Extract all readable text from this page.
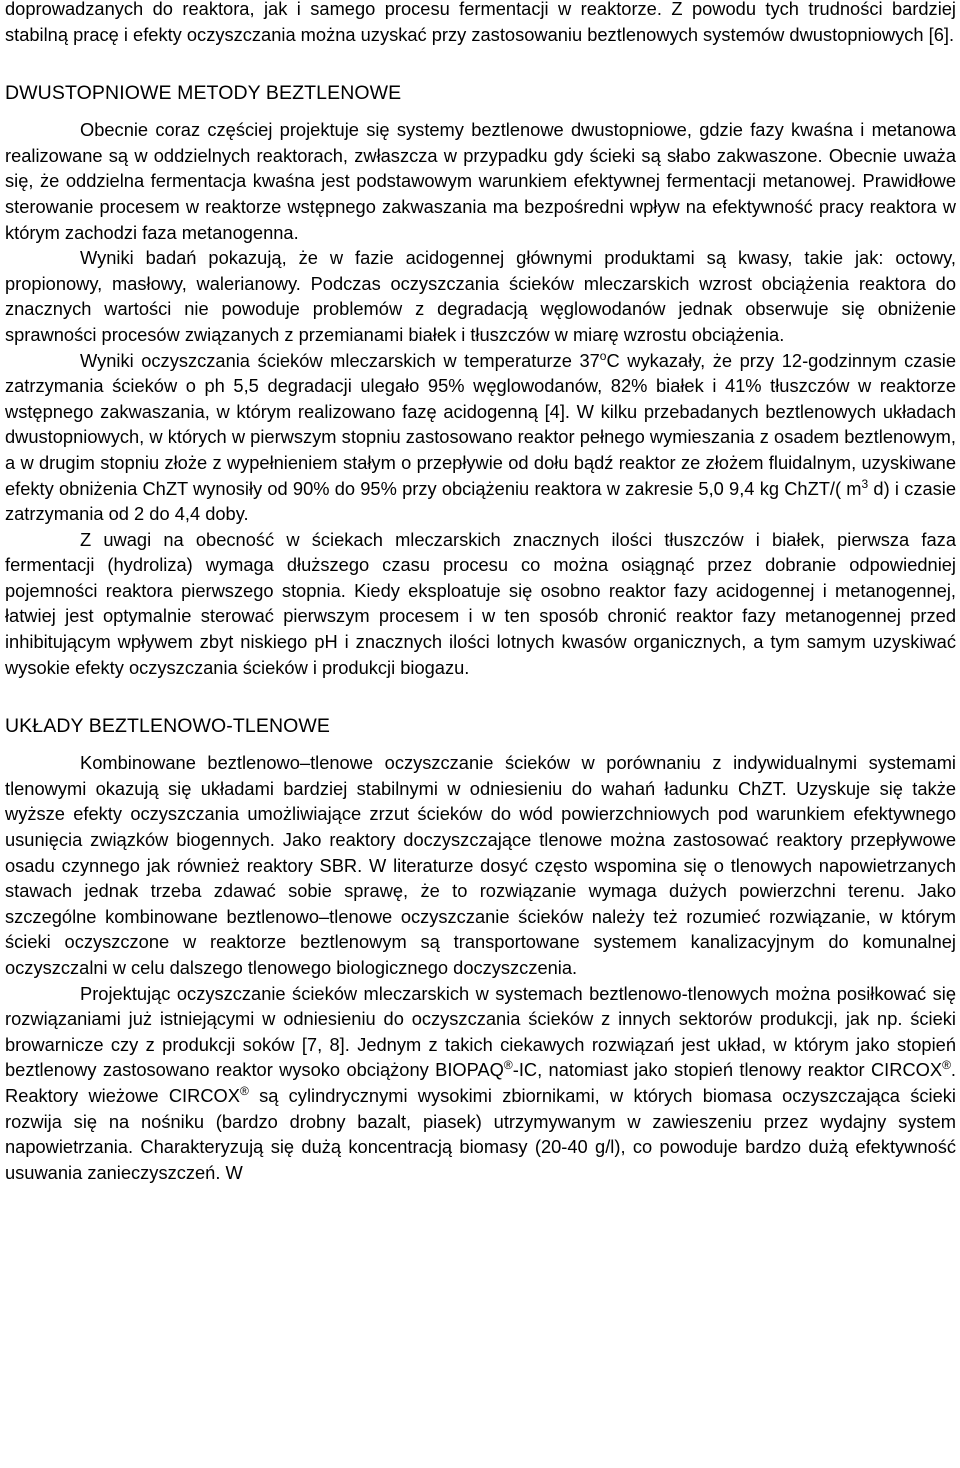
doprowadzanych do reaktora, jak i samego procesu fermentacji w reaktorze. Z powodu tych trudności bardziej stabilną pracę i efekty oczyszczania można uzyskać przy zastosowaniu beztlenowych systemów dwustopniowych [6].

DWUSTOPNIOWE METODY BEZTLENOWE

Obecnie coraz częściej projektuje się systemy beztlenowe dwustopniowe, gdzie fazy kwaśna i metanowa realizowane są w oddzielnych reaktorach, zwłaszcza w przypadku gdy ścieki są słabo zakwaszone. Obecnie uważa się, że oddzielna fermentacja kwaśna jest podstawowym warunkiem efektywnej fermentacji metanowej. Prawidłowe sterowanie procesem w reaktorze wstępnego zakwaszania ma bezpośredni wpływ na efektywność pracy reaktora w którym zachodzi faza metanogenna.

Wyniki badań pokazują, że w fazie acidogennej głównymi produktami są kwasy, takie jak: octowy, propionowy, masłowy, walerianowy. Podczas oczyszczania ścieków mleczarskich wzrost obciążenia reaktora do znacznych wartości nie powoduje problemów z degradacją węglowodanów jednak obserwuje się obniżenie sprawności procesów związanych z przemianami białek i tłuszczów w miarę wzrostu obciążenia.

Wyniki oczyszczania ścieków mleczarskich w temperaturze 37$^o$C wykazały, że przy 12-godzinnym czasie zatrzymania ścieków o ph 5,5 degradacji ulegało 95% węglowodanów, 82% białek i 41% tłuszczów w reaktorze wstępnego zakwaszania, w którym realizowano fazę acidogenną [4]. W kilku przebadanych beztlenowych układach dwustopniowych, w których w pierwszym stopniu zastosowano reaktor pełnego wymieszania z osadem beztlenowym, a w drugim stopniu złoże z wypełnieniem stałym o przepływie od dołu bądź reaktor ze złożem fluidalnym, uzyskiwane efekty obniżenia ChZT wynosiły od 90% do 95% przy obciążeniu reaktora w zakresie 5,0 9,4 kg ChZT/( $m^3$ d) i czasie zatrzymania od 2 do 4,4 doby.

Z uwagi na obecność w ściekach mleczarskich znacznych ilości tłuszczów i białek, pierwsza faza fermentacji (hydroliza) wymaga dłuższego czasu procesu co można osiągnąć przez dobranie odpowiedniej pojemności reaktora pierwszego stopnia. Kiedy eksploatuje się osobno reaktor fazy acidogennej i metanogennej, łatwiej jest optymalnie sterować pierwszym procesem i w ten sposób chronić reaktor fazy metanogennej przed inhibitującym wpływem zbyt niskiego pH i znacznych ilości lotnych kwasów organicznych, a tym samym uzyskiwać wysokie efekty oczyszczania ścieków i produkcji biogazu.

UKŁADY BEZTLENOWO-TLENOWE

Kombinowane beztlenowo–tlenowe oczyszczanie ścieków w porównaniu z indywidualnymi systemami tlenowymi okazują się układami bardziej stabilnymi w odniesieniu do wahań ładunku ChZT. Uzyskuje się także wyższe efekty oczyszczania umożliwiające zrzut ścieków do wód powierzchniowych pod warunkiem efektywnego usunięcia związków biogennych. Jako reaktory doczyszczające tlenowe można zastosować reaktory przepływowe osadu czynnego jak również reaktory SBR. W literaturze dosyć często wspomina się o tlenowych napowietrzanych stawach jednak trzeba zdawać sobie sprawę, że to rozwiązanie wymaga dużych powierzchni terenu. Jako szczególne kombinowane beztlenowo–tlenowe oczyszczanie ścieków należy też rozumieć rozwiązanie, w którym ścieki oczyszczone w reaktorze beztlenowym są transportowane systemem kanalizacyjnym do komunalnej oczyszczalni w celu dalszego tlenowego biologicznego doczyszczenia.

Projektując oczyszczanie ścieków mleczarskich w systemach beztlenowo-tlenowych można posiłkować się rozwiązaniami już istniejącymi w odniesieniu do oczyszczania ścieków z innych sektorów produkcji, jak np. ścieki browarnicze czy z produkcji soków [7, 8]. Jednym z takich ciekawych rozwiązań jest układ, w którym jako stopień beztlenowy zastosowano reaktor wysoko obciążony BIOPAQ®-IC, natomiast jako stopień tlenowy reaktor CIRCOX®. Reaktory wieżowe CIRCOX® są cylindrycznymi wysokimi zbiornikami, w których biomasa oczyszczająca ścieki rozwija się na nośniku (bardzo drobny bazalt, piasek) utrzymywanym w zawieszeniu przez wydajny system napowietrzania. Charakteryzują się dużą koncentracją biomasy (20-40 g/l), co powoduje bardzo dużą efektywność usuwania zanieczyszczeń. W
